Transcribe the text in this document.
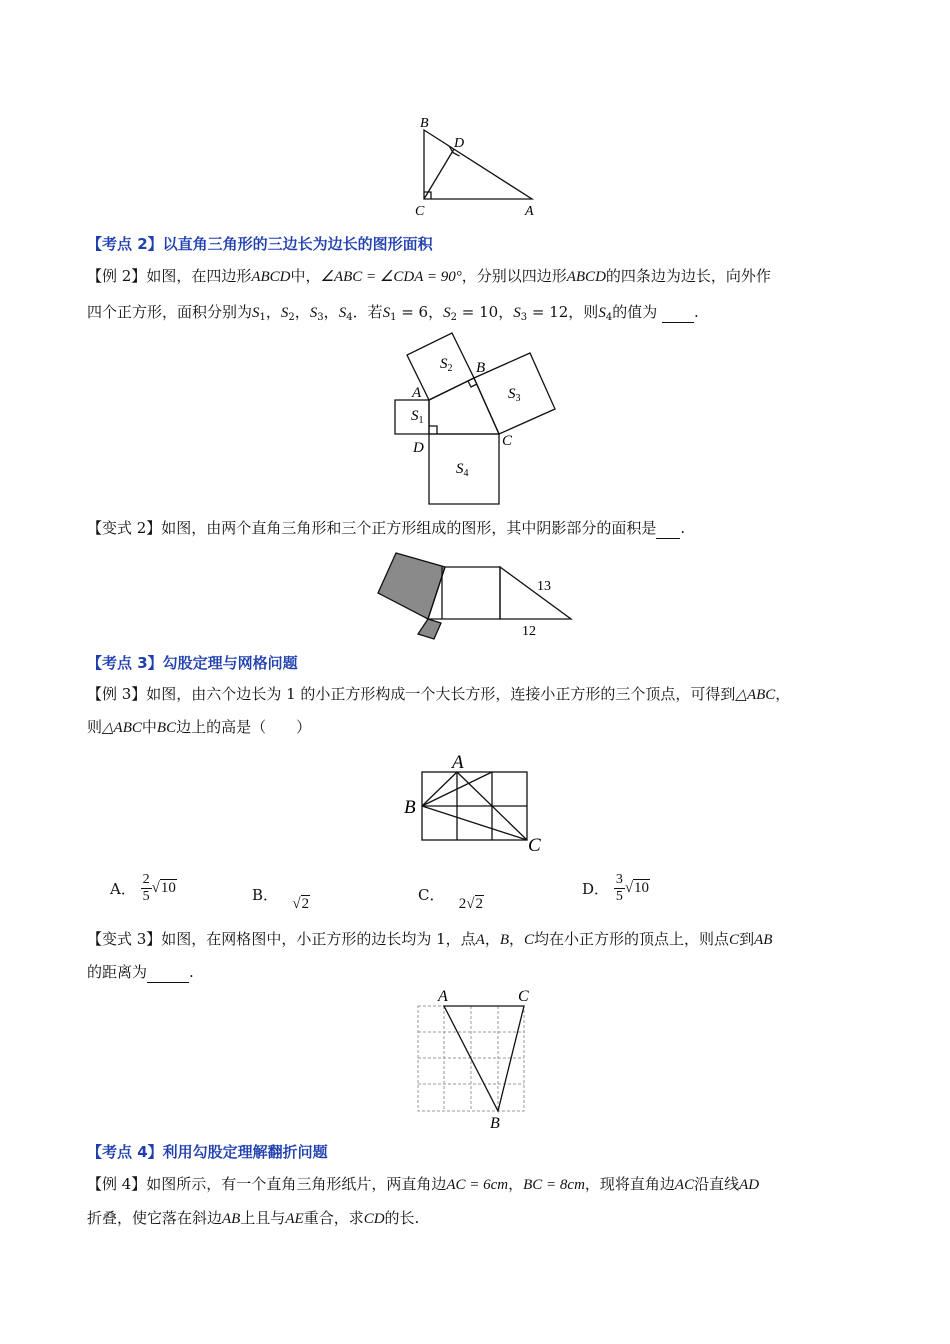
B
D
C	A
【考点 2】以直角三角形的三边长为边长的图形面积
【例 2】如图，在四边形ABCD中，∠ABC = ∠CDA = 90°，分别以四边形ABCD的四条边为边长，向外作
四个正方形，面积分别为$S_1$，$S_2$，$S_3$，$S_4$．若$S_1 = 6$，$S_2 = 10$，$S_3 = 12$，则$S_4$的值为 .
$S_2$ B
A	$S_3$
$S_1$
D	C
$S_4$
【变式 2】如图，由两个直角三角形和三个正方形组成的图形，其中阴影部分的面积是 .
13
12
【考点 3】勾股定理与网格问题
【例 3】如图，由六个边长为 1 的小正方形构成一个大长方形，连接小正方形的三个顶点，可得到△ABC，
则△ABC中BC边上的高是（　　）
A
B
C
A． $\frac{2}{5} √10$	B． √2	C． 2√2
D． $\frac{3}{5} √10$
【变式 3】如图，在网格图中，小正方形的边长均为 1，点A，B，C均在小正方形的顶点上，则点C到AB
的距离为	.
A	C
B
【考点 4】利用勾股定理解翻折问题
【例 4】如图所示，有一个直角三角形纸片，两直角边AC = 6cm，BC = 8cm，现将直角边AC沿直线AD
折叠，使它落在斜边AB上且与AE重合，求CD的长.
